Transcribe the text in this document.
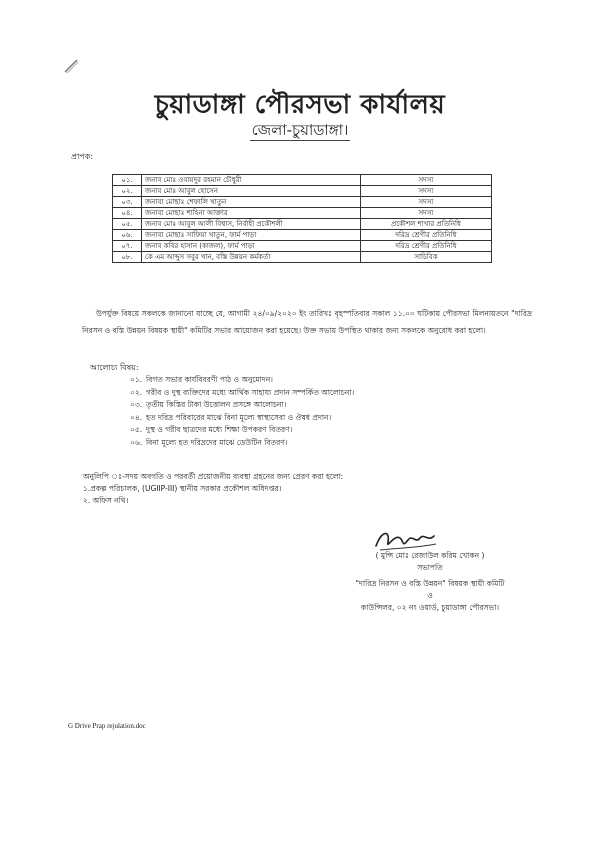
চুয়াডাঙ্গা পৌরসভা কার্যালয়
জেলা-চুয়াডাঙ্গা।
প্রাপক:
০১.	জনাব মোঃ ওবায়দুর রহমান চৌধুরী	সদস্য
০২.	জনাব মোঃ আবুল হোসেন	সদস্য
০৩.	জনাবা মোছাঃ শেফালি খাতুন	সদস্য
০৪.	জনাবা মোছাঃ শাহিনা আক্তার	সদস্য
০৫.	জনাব মোঃ আবুল আলী বিশ্বাস, নির্বাহী প্রকৌশলী	প্রকৌশল শাখার প্রতিনিধি
০৬.	জনাবা মোছাঃ সাফিয়া খাতুন, ফার্ম পাড়া	দরিদ্র শ্রেণীর প্রতিনিধি
০৭.	জনাব কবির হাসান (কাজল), ফার্ম পাড়া	দরিদ্র শ্রেণীর প্রতিনিধি
০৮.	কে এম আব্দুস সবুর খান, বস্তি উন্নয়ন কর্মকর্তা	সাচিবিক
উপর্যুক্ত বিষয়ে সকলকে জানানো যাচ্ছে যে, আগামী ২৪/০৯/২০২০ ইং তারিখঃ বৃহস্পতিবার সকাল ১১.০০ ঘটিকায় পৌরসভা মিলনায়তনে "দারিদ্র নিরসন ও বস্তি উন্নয়ন বিষয়ক স্থায়ী" কমিটির সভার আয়োজন করা হয়েছে। উক্ত সভায় উপস্থিত থাকার জন্য সকলকে অনুরোধ করা হলো।
আলোচ্য বিষয়:
০১. বিগত সভার কার্যবিবরণী পাঠ ও অনুমোদন।
০২. গরীব ও দুস্থ ব্যক্তিদের মধ্যে আর্থিক সাহায্য প্রদান সম্পর্কিত আলোচনা।
০৩. তৃতীয় কিস্তির টাকা উত্তোলন প্রসঙ্গে আলোচনা।
০৪. হত দরিদ্র পরিবারের মাঝে বিনা মূল্যে স্বাস্থ্যসেবা ও ঔষধ প্রদান।
০৫. দুস্থ ও গরীব ছাত্রদের মধ্যে শিক্ষা উপকরণ বিতরণ।
০৬. বিনা মূল্যে হত দরিদ্রদের মাঝে ডেউটিন বিতরণ।
অনুলিপি ঃ-সদয় অবগতি ও পরবর্তী প্রয়োজনীয় ব্যবস্থা গ্রহনের জন্য প্রেরণ করা হলো:
১.প্রকল্প পরিচালক, (UGIIP-III) স্থানীয় সরকার প্রকৌশল অধিদপ্তর।
২. অফিস নথি।
( মুন্সি মোঃ রেজাউল করিম খোকন )
সভাপতি
"দারিদ্র নিরসন ও বস্তি উন্নয়ন" বিষয়ক স্থায়ী কমিটি
ও
কাউন্সিলর, ০২ নং ওয়ার্ড, চুয়াডাঙ্গা পৌরসভা।
G Drive Prap rejulation.doc
